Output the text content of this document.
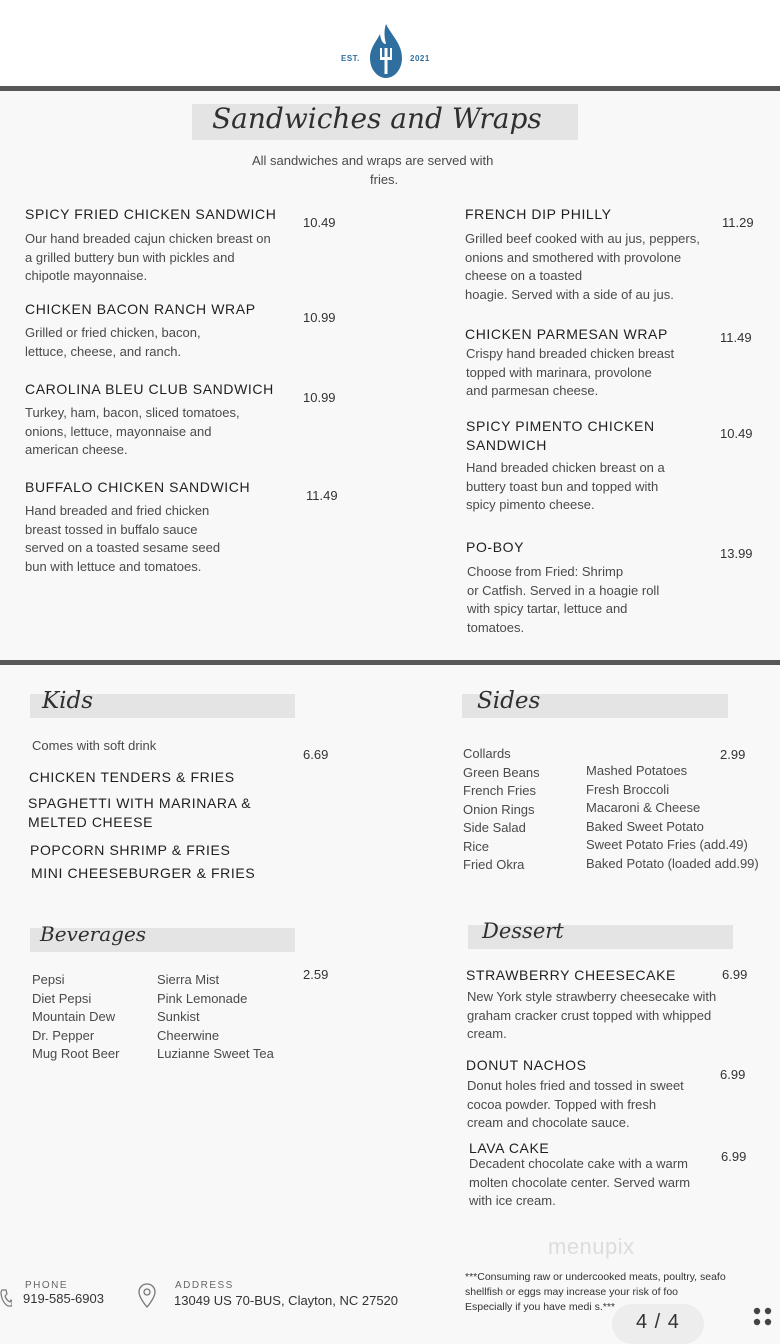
EST.	2021
Sandwiches and Wraps
All sandwiches and wraps are served with
fries.
SPICY FRIED CHICKEN SANDWICH
10.49
Our hand breaded cajun chicken breast on
a grilled buttery bun with pickles and
chipotle mayonnaise.
CHICKEN BACON RANCH WRAP
10.99
Grilled or fried chicken, bacon,
lettuce, cheese, and ranch.
CAROLINA BLEU CLUB SANDWICH
10.99
Turkey, ham, bacon, sliced tomatoes,
onions, lettuce, mayonnaise and
american cheese.
BUFFALO CHICKEN SANDWICH
11.49
Hand breaded and fried chicken
breast tossed in buffalo sauce
served on a toasted sesame seed
bun with lettuce and tomatoes.
FRENCH DIP PHILLY
11.29
Grilled beef cooked with au jus, peppers,
onions and smothered with provolone
cheese on a toasted
hoagie. Served with a side of au jus.
CHICKEN PARMESAN WRAP	11.49
Crispy hand breaded chicken breast
topped with marinara, provolone
and parmesan cheese.
SPICY PIMENTO CHICKEN
SANDWICH
10.49
Hand breaded chicken breast on a
buttery toast bun and topped with
spicy pimento cheese.
PO-BOY	13.99
Choose from Fried: Shrimp
or Catfish. Served in a hoagie roll
with spicy tartar, lettuce and
tomatoes.
Kids
Comes with soft drink
6.69
CHICKEN TENDERS & FRIES
SPAGHETTI WITH MARINARA &
MELTED CHEESE
POPCORN SHRIMP & FRIES
MINI CHEESEBURGER & FRIES
Sides
2.99
Collards
Green Beans
French Fries
Onion Rings
Side Salad
Rice
Fried Okra
Mashed Potatoes
Fresh Broccoli
Macaroni & Cheese
Baked Sweet Potato
Sweet Potato Fries (add.49)
Baked Potato (loaded add.99)
Beverages
2.59
Pepsi
Diet Pepsi
Mountain Dew
Dr. Pepper
Mug Root Beer
Sierra Mist
Pink Lemonade
Sunkist
Cheerwine
Luzianne Sweet Tea
Dessert
STRAWBERRY CHEESECAKE	6.99
New York style strawberry cheesecake with
graham cracker crust topped with whipped
cream.
DONUT NACHOS
6.99
Donut holes fried and tossed in sweet
cocoa powder. Topped with fresh
cream and chocolate sauce.
LAVA CAKE
6.99
Decadent chocolate cake with a warm
molten chocolate center. Served warm
with ice cream.
menupix
PHONE
919-585-6903
ADDRESS
13049 US 70-BUS, Clayton, NC 27520
***Consuming raw or undercooked meats, poultry, seafo
shellfish or eggs may increase your risk of foo
Especially if you have medi s.***
4 / 4
